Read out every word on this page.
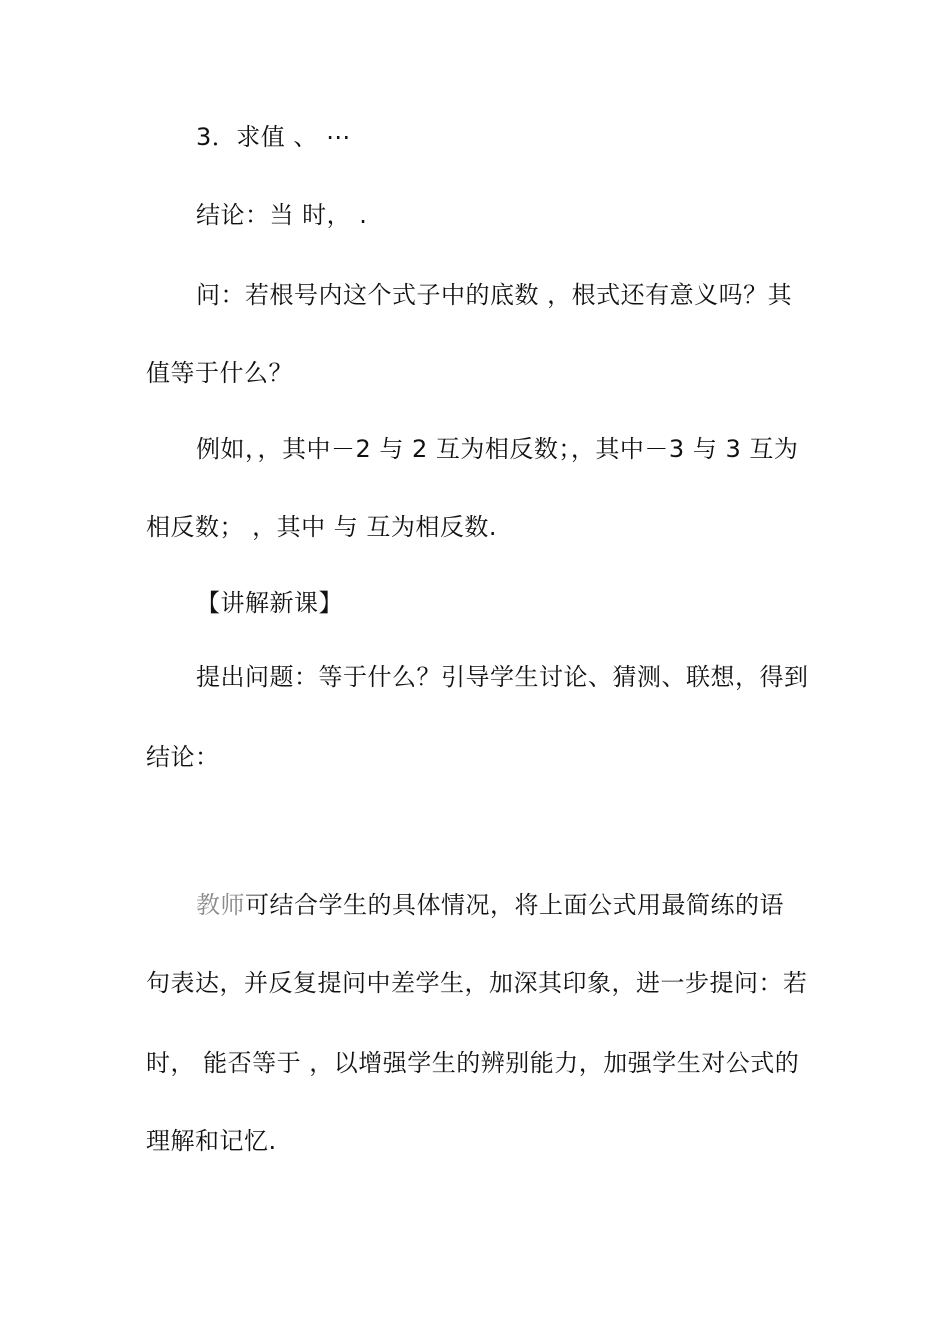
3．求值 、 ⋯
结论：当 时， .
问：若根号内这个式子中的底数 ，根式还有意义吗？其
值等于什么？
例如，，其中－2 与 2 互为相反数；，其中－3 与 3 互为
相反数； ，其中 与 互为相反数.
【讲解新课】
提出问题：等于什么？引导学生讨论、猜测、联想，得到
结论：
教师可结合学生的具体情况，将上面公式用最简练的语
句表达，并反复提问中差学生，加深其印象，进一步提问：若
时， 能否等于 ，以增强学生的辨别能力，加强学生对公式的
理解和记忆.
